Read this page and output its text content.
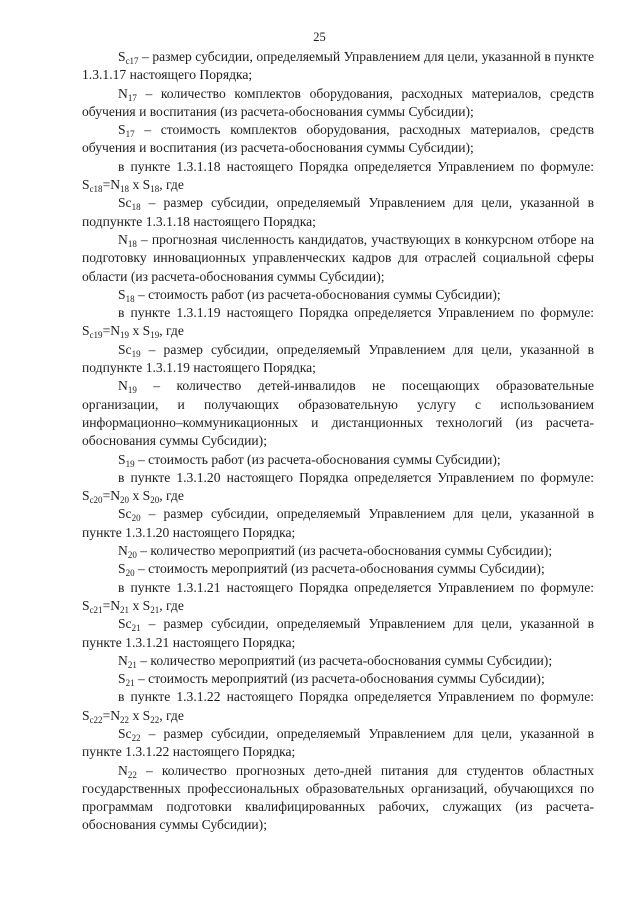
25

$S_{c17}$ – размер субсидии, определяемый Управлением для цели, указанной в пункте 1.3.1.17 настоящего Порядка;

$N_{17}$ – количество комплектов оборудования, расходных материалов, средств обучения и воспитания (из расчета-обоснования суммы Субсидии);

$S_{17}$ – стоимость комплектов оборудования, расходных материалов, средств обучения и воспитания (из расчета-обоснования суммы Субсидии);

в пункте 1.3.1.18 настоящего Порядка определяется Управлением по формуле: $S_{c18}=N_{18}$ x $S_{18}$, где

$Sc_{18}$ – размер субсидии, определяемый Управлением для цели, указанной в подпункте 1.3.1.18 настоящего Порядка;

$N_{18}$ – прогнозная численность кандидатов, участвующих в конкурсном отборе на подготовку инновационных управленческих кадров для отраслей социальной сферы области (из расчета-обоснования суммы Субсидии);

$S_{18}$ – стоимость работ (из расчета-обоснования суммы Субсидии);

в пункте 1.3.1.19 настоящего Порядка определяется Управлением по формуле: $S_{c19}=N_{19}$ x $S_{19}$, где

$Sc_{19}$ – размер субсидии, определяемый Управлением для цели, указанной в подпункте 1.3.1.19 настоящего Порядка;

$N_{19}$ – количество детей-инвалидов не посещающих образовательные организации, и получающих образовательную услугу с использованием информационно–коммуникационных и дистанционных технологий (из расчета-обоснования суммы Субсидии);

$S_{19}$ – стоимость работ (из расчета-обоснования суммы Субсидии);

в пункте 1.3.1.20 настоящего Порядка определяется Управлением по формуле: $S_{c20}=N_{20}$ x $S_{20}$, где

$Sc_{20}$ – размер субсидии, определяемый Управлением для цели, указанной в пункте 1.3.1.20 настоящего Порядка;

$N_{20}$ – количество мероприятий (из расчета-обоснования суммы Субсидии);

$S_{20}$ – стоимость мероприятий (из расчета-обоснования суммы Субсидии);

в пункте 1.3.1.21 настоящего Порядка определяется Управлением по формуле: $S_{c21}=N_{21}$ x $S_{21}$, где

$Sc_{21}$ – размер субсидии, определяемый Управлением для цели, указанной в пункте 1.3.1.21 настоящего Порядка;

$N_{21}$ – количество мероприятий (из расчета-обоснования суммы Субсидии);

$S_{21}$ – стоимость мероприятий (из расчета-обоснования суммы Субсидии);

в пункте 1.3.1.22 настоящего Порядка определяется Управлением по формуле: $S_{c22}=N_{22}$ x $S_{22}$, где

$Sc_{22}$ – размер субсидии, определяемый Управлением для цели, указанной в пункте 1.3.1.22 настоящего Порядка;

$N_{22}$ – количество прогнозных дето-дней питания для студентов областных государственных профессиональных образовательных организаций, обучающихся по программам подготовки квалифицированных рабочих, служащих (из расчета-обоснования суммы Субсидии);
